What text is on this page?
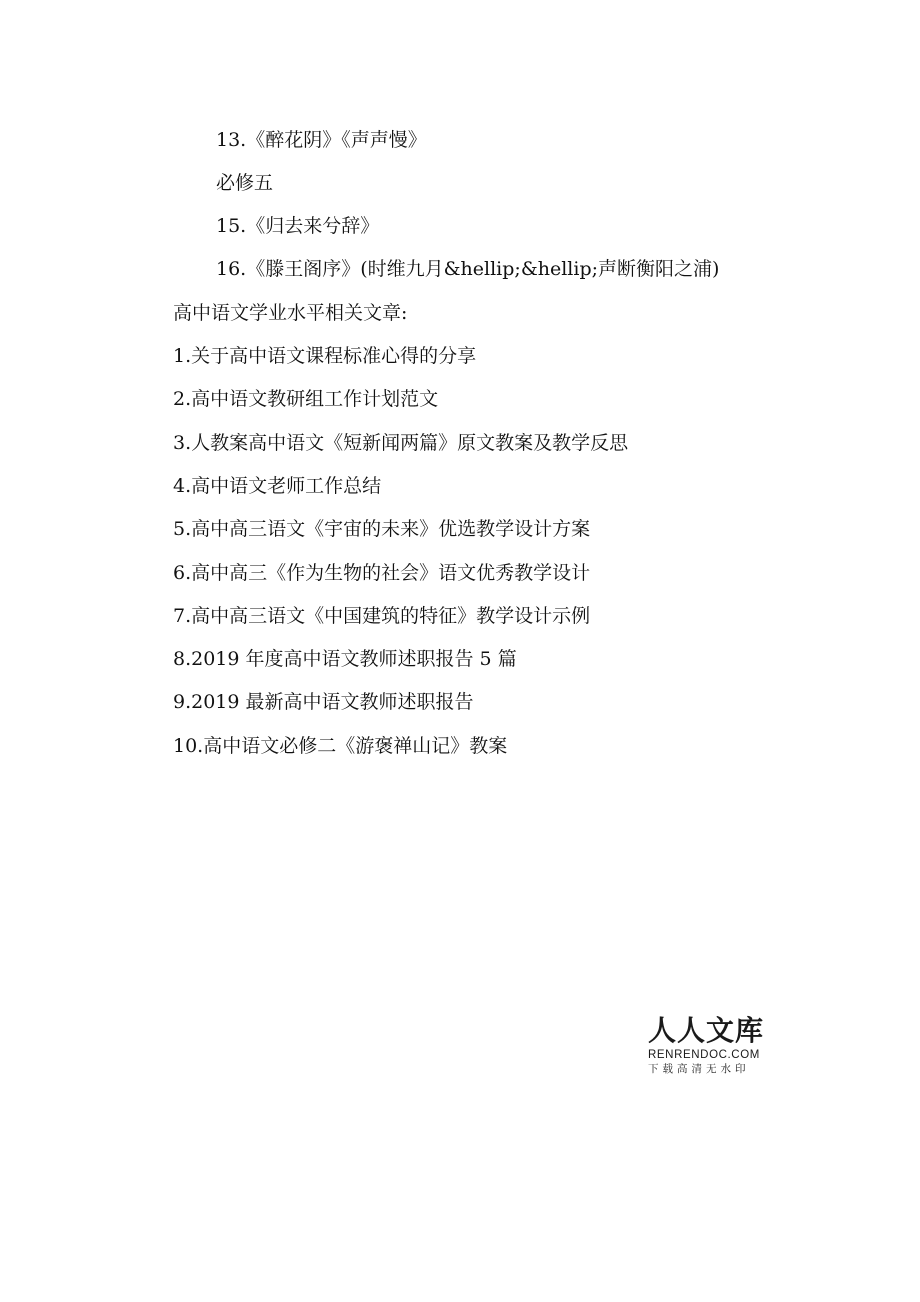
13.《醉花阴》《声声慢》
必修五
15.《归去来兮辞》
16.《滕王阁序》(时维九月&hellip;&hellip;声断衡阳之浦)
高中语文学业水平相关文章:
1.关于高中语文课程标准心得的分享
2.高中语文教研组工作计划范文
3.人教案高中语文《短新闻两篇》原文教案及教学反思
4.高中语文老师工作总结
5.高中高三语文《宇宙的未来》优选教学设计方案
6.高中高三《作为生物的社会》语文优秀教学设计
7.高中高三语文《中国建筑的特征》教学设计示例
8.2019 年度高中语文教师述职报告 5 篇
9.2019 最新高中语文教师述职报告
10.高中语文必修二《游褒禅山记》教案
人人文库
RENRENDOC.COM
下载高清无水印
